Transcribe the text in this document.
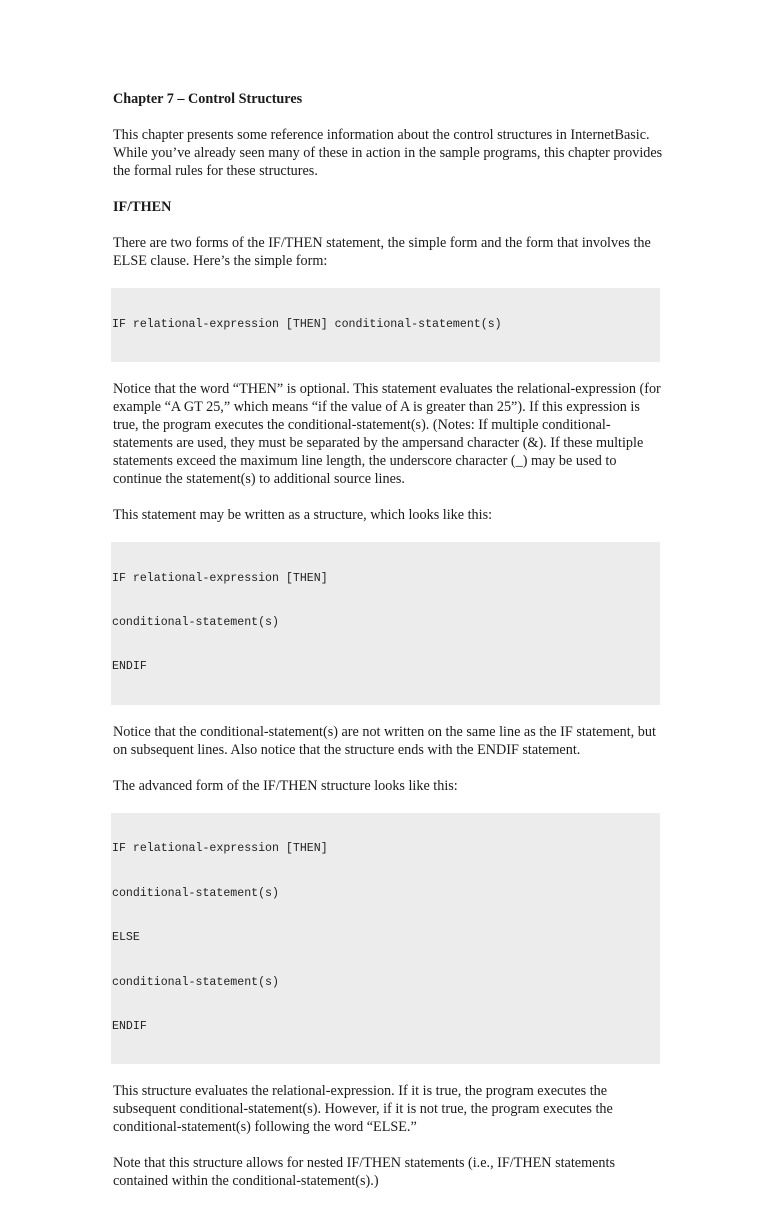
Chapter 7 – Control Structures

This chapter presents some reference information about the control structures in InternetBasic. While you’ve already seen many of these in action in the sample programs, this chapter provides the formal rules for these structures.

IF/THEN

There are two forms of the IF/THEN statement, the simple form and the form that involves the ELSE clause. Here’s the simple form:

IF relational-expression [THEN] conditional-statement(s)

Notice that the word “THEN” is optional. This statement evaluates the relational-expression (for example “A GT 25,” which means “if the value of A is greater than 25”). If this expression is true, the program executes the conditional-statement(s). (Notes: If multiple conditional-statements are used, they must be separated by the ampersand character (&). If these multiple statements exceed the maximum line length, the underscore character (_) may be used to continue the statement(s) to additional source lines.

This statement may be written as a structure, which looks like this:

IF relational-expression [THEN]

conditional-statement(s)

ENDIF

Notice that the conditional-statement(s) are not written on the same line as the IF statement, but on subsequent lines. Also notice that the structure ends with the ENDIF statement.

The advanced form of the IF/THEN structure looks like this:

IF relational-expression [THEN]

conditional-statement(s)

ELSE

conditional-statement(s)

ENDIF

This structure evaluates the relational-expression. If it is true, the program executes the subsequent conditional-statement(s). However, if it is not true, the program executes the conditional-statement(s) following the word “ELSE.”

Note that this structure allows for nested IF/THEN statements (i.e., IF/THEN statements contained within the conditional-statement(s).)
